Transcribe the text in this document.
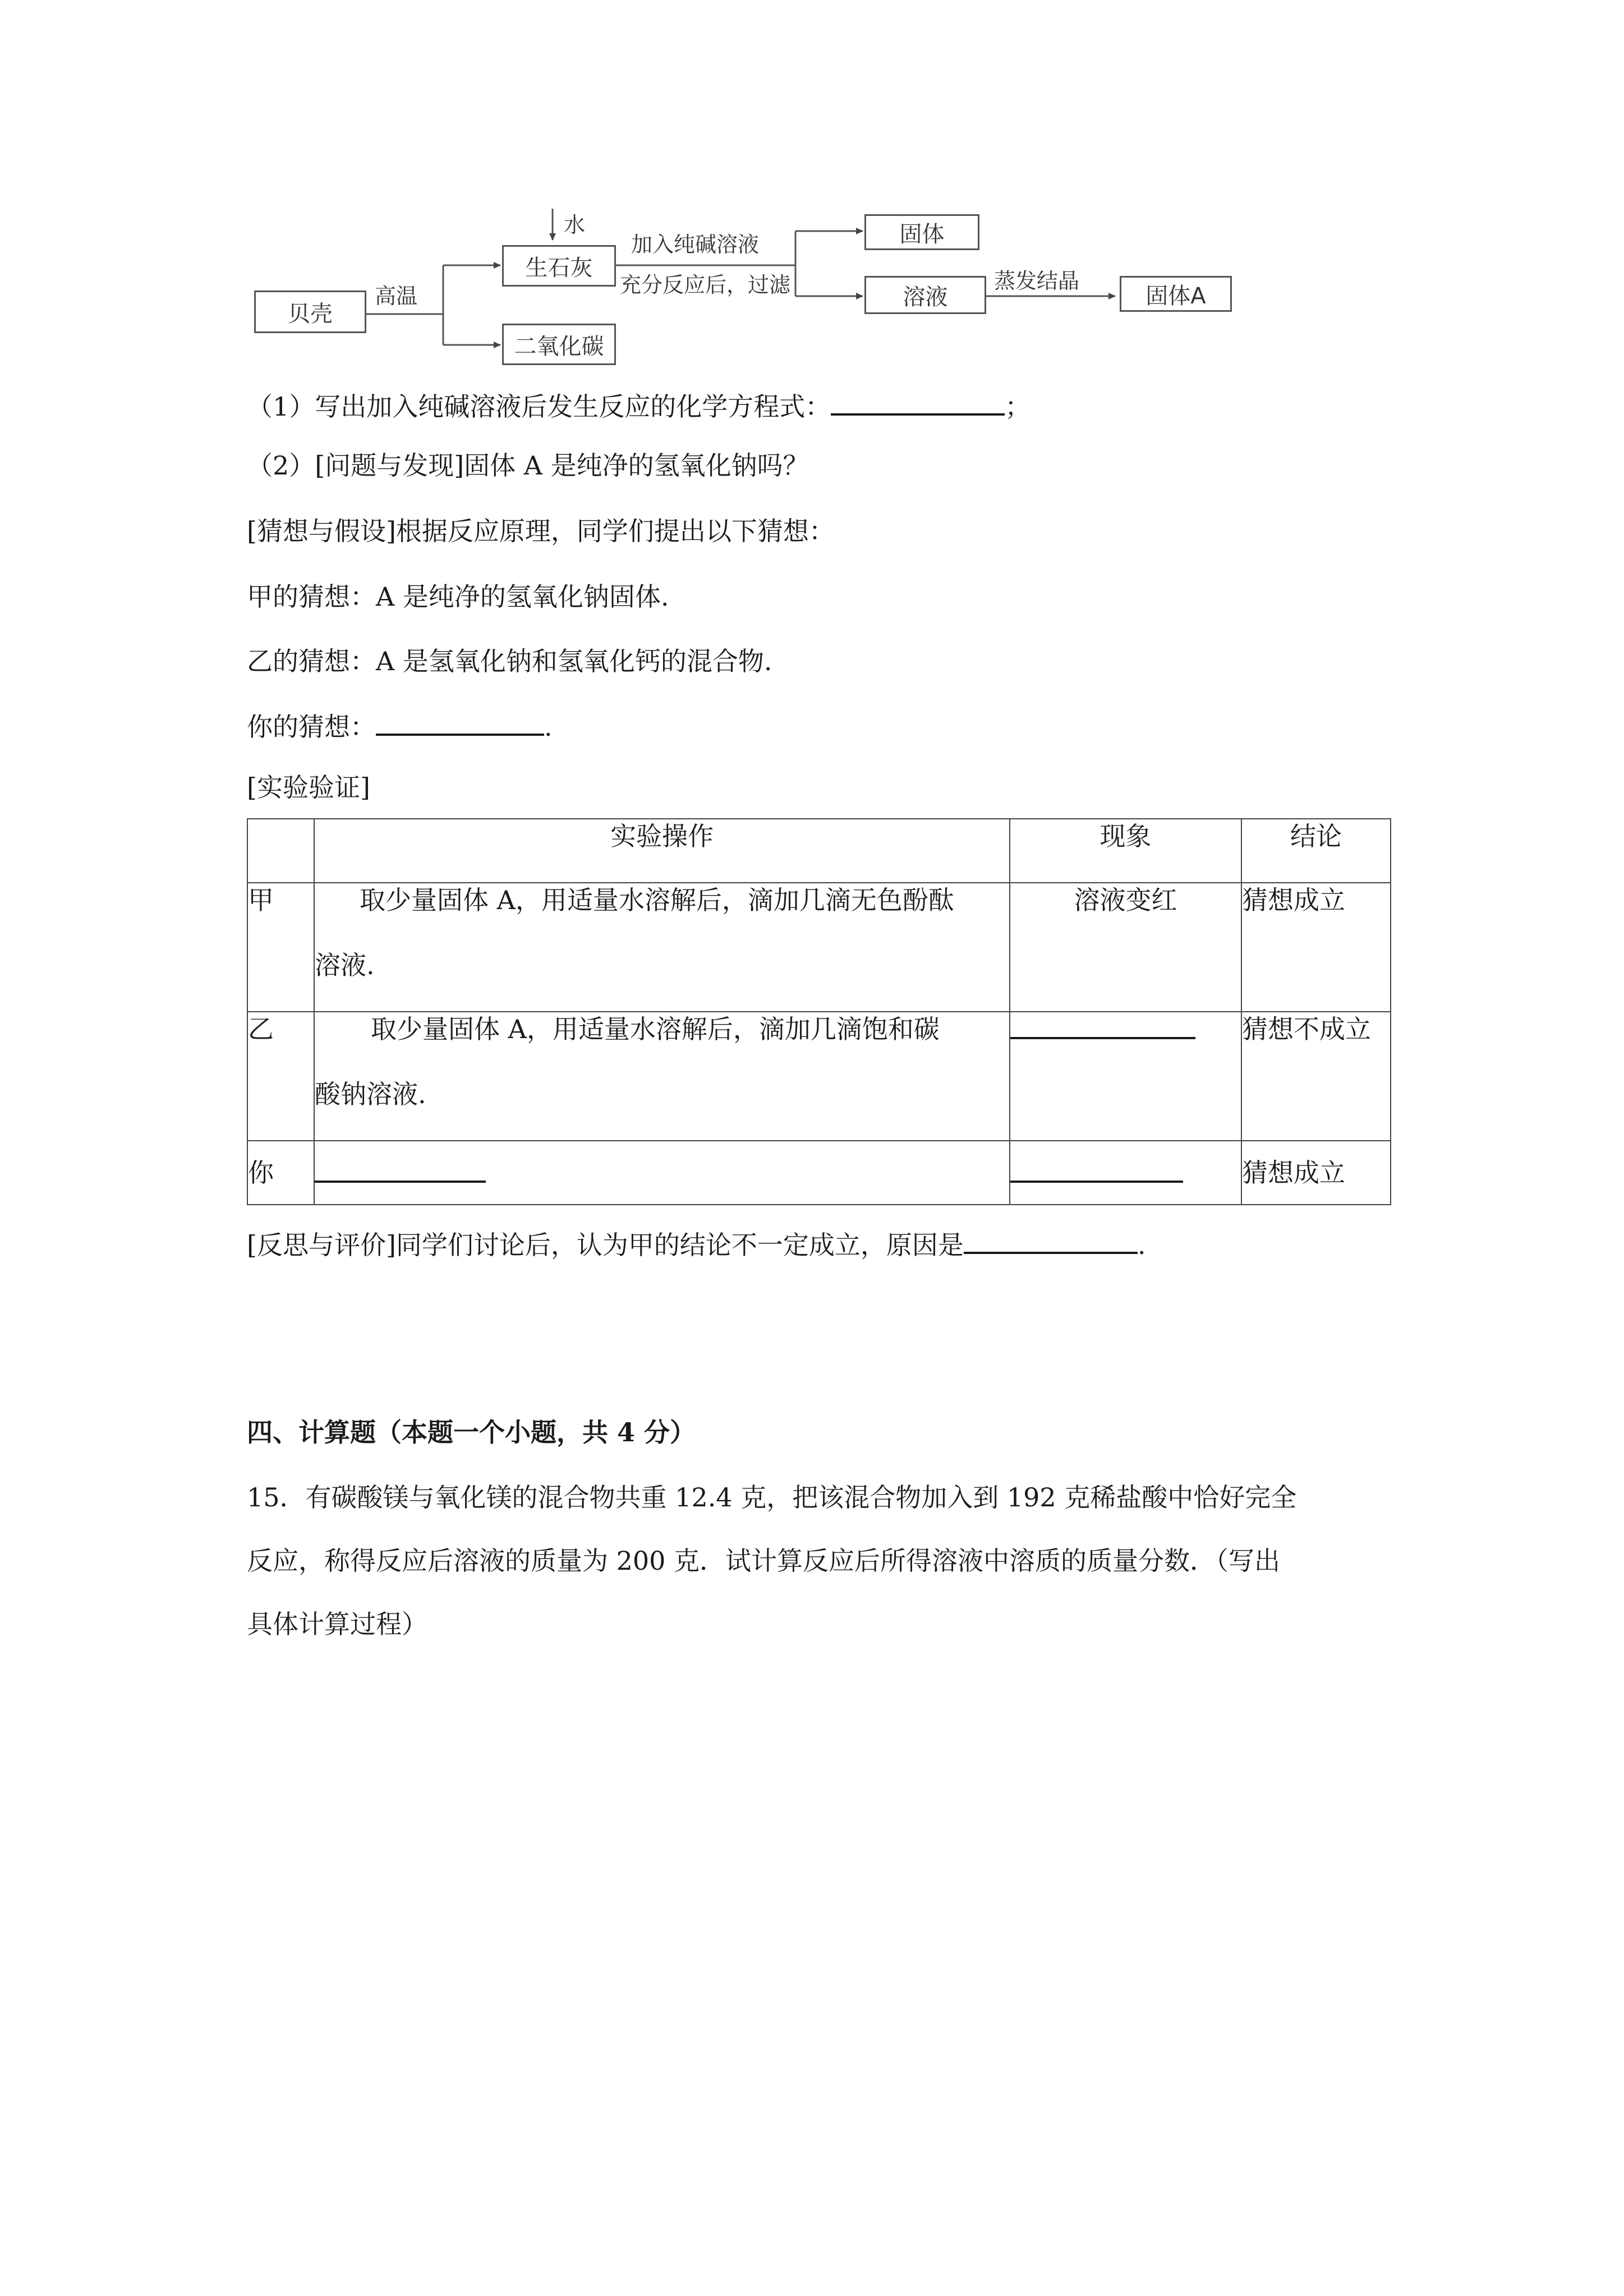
贝壳
高温
水
生石灰
二氧化碳
加入纯碱溶液
充分反应后，过滤
固体
溶液
蒸发结晶
固体A
（1）写出加入纯碱溶液后发生反应的化学方程式：	；
（2）[问题与发现]固体 A 是纯净的氢氧化钠吗？
[猜想与假设]根据反应原理，同学们提出以下猜想：
甲的猜想：A 是纯净的氢氧化钠固体.
乙的猜想：A 是氢氧化钠和氢氧化钙的混合物.
你的猜想：	.
[实验验证]
	实验操作	现象	结论
甲	取少量固体 A，用适量水溶解后，滴加几滴无色酚酞
溶液.	溶液变红	猜想成立
乙	取少量固体 A，用适量水溶解后，滴加几滴饱和碳
酸钠溶液.		猜想不成立
你			猜想成立
[反思与评价]同学们讨论后，认为甲的结论不一定成立，原因是	.
四、计算题（本题一个小题，共 4 分）
15．有碳酸镁与氧化镁的混合物共重 12.4 克，把该混合物加入到 192 克稀盐酸中恰好完全
反应，称得反应后溶液的质量为 200 克．试计算反应后所得溶液中溶质的质量分数．（写出
具体计算过程）
